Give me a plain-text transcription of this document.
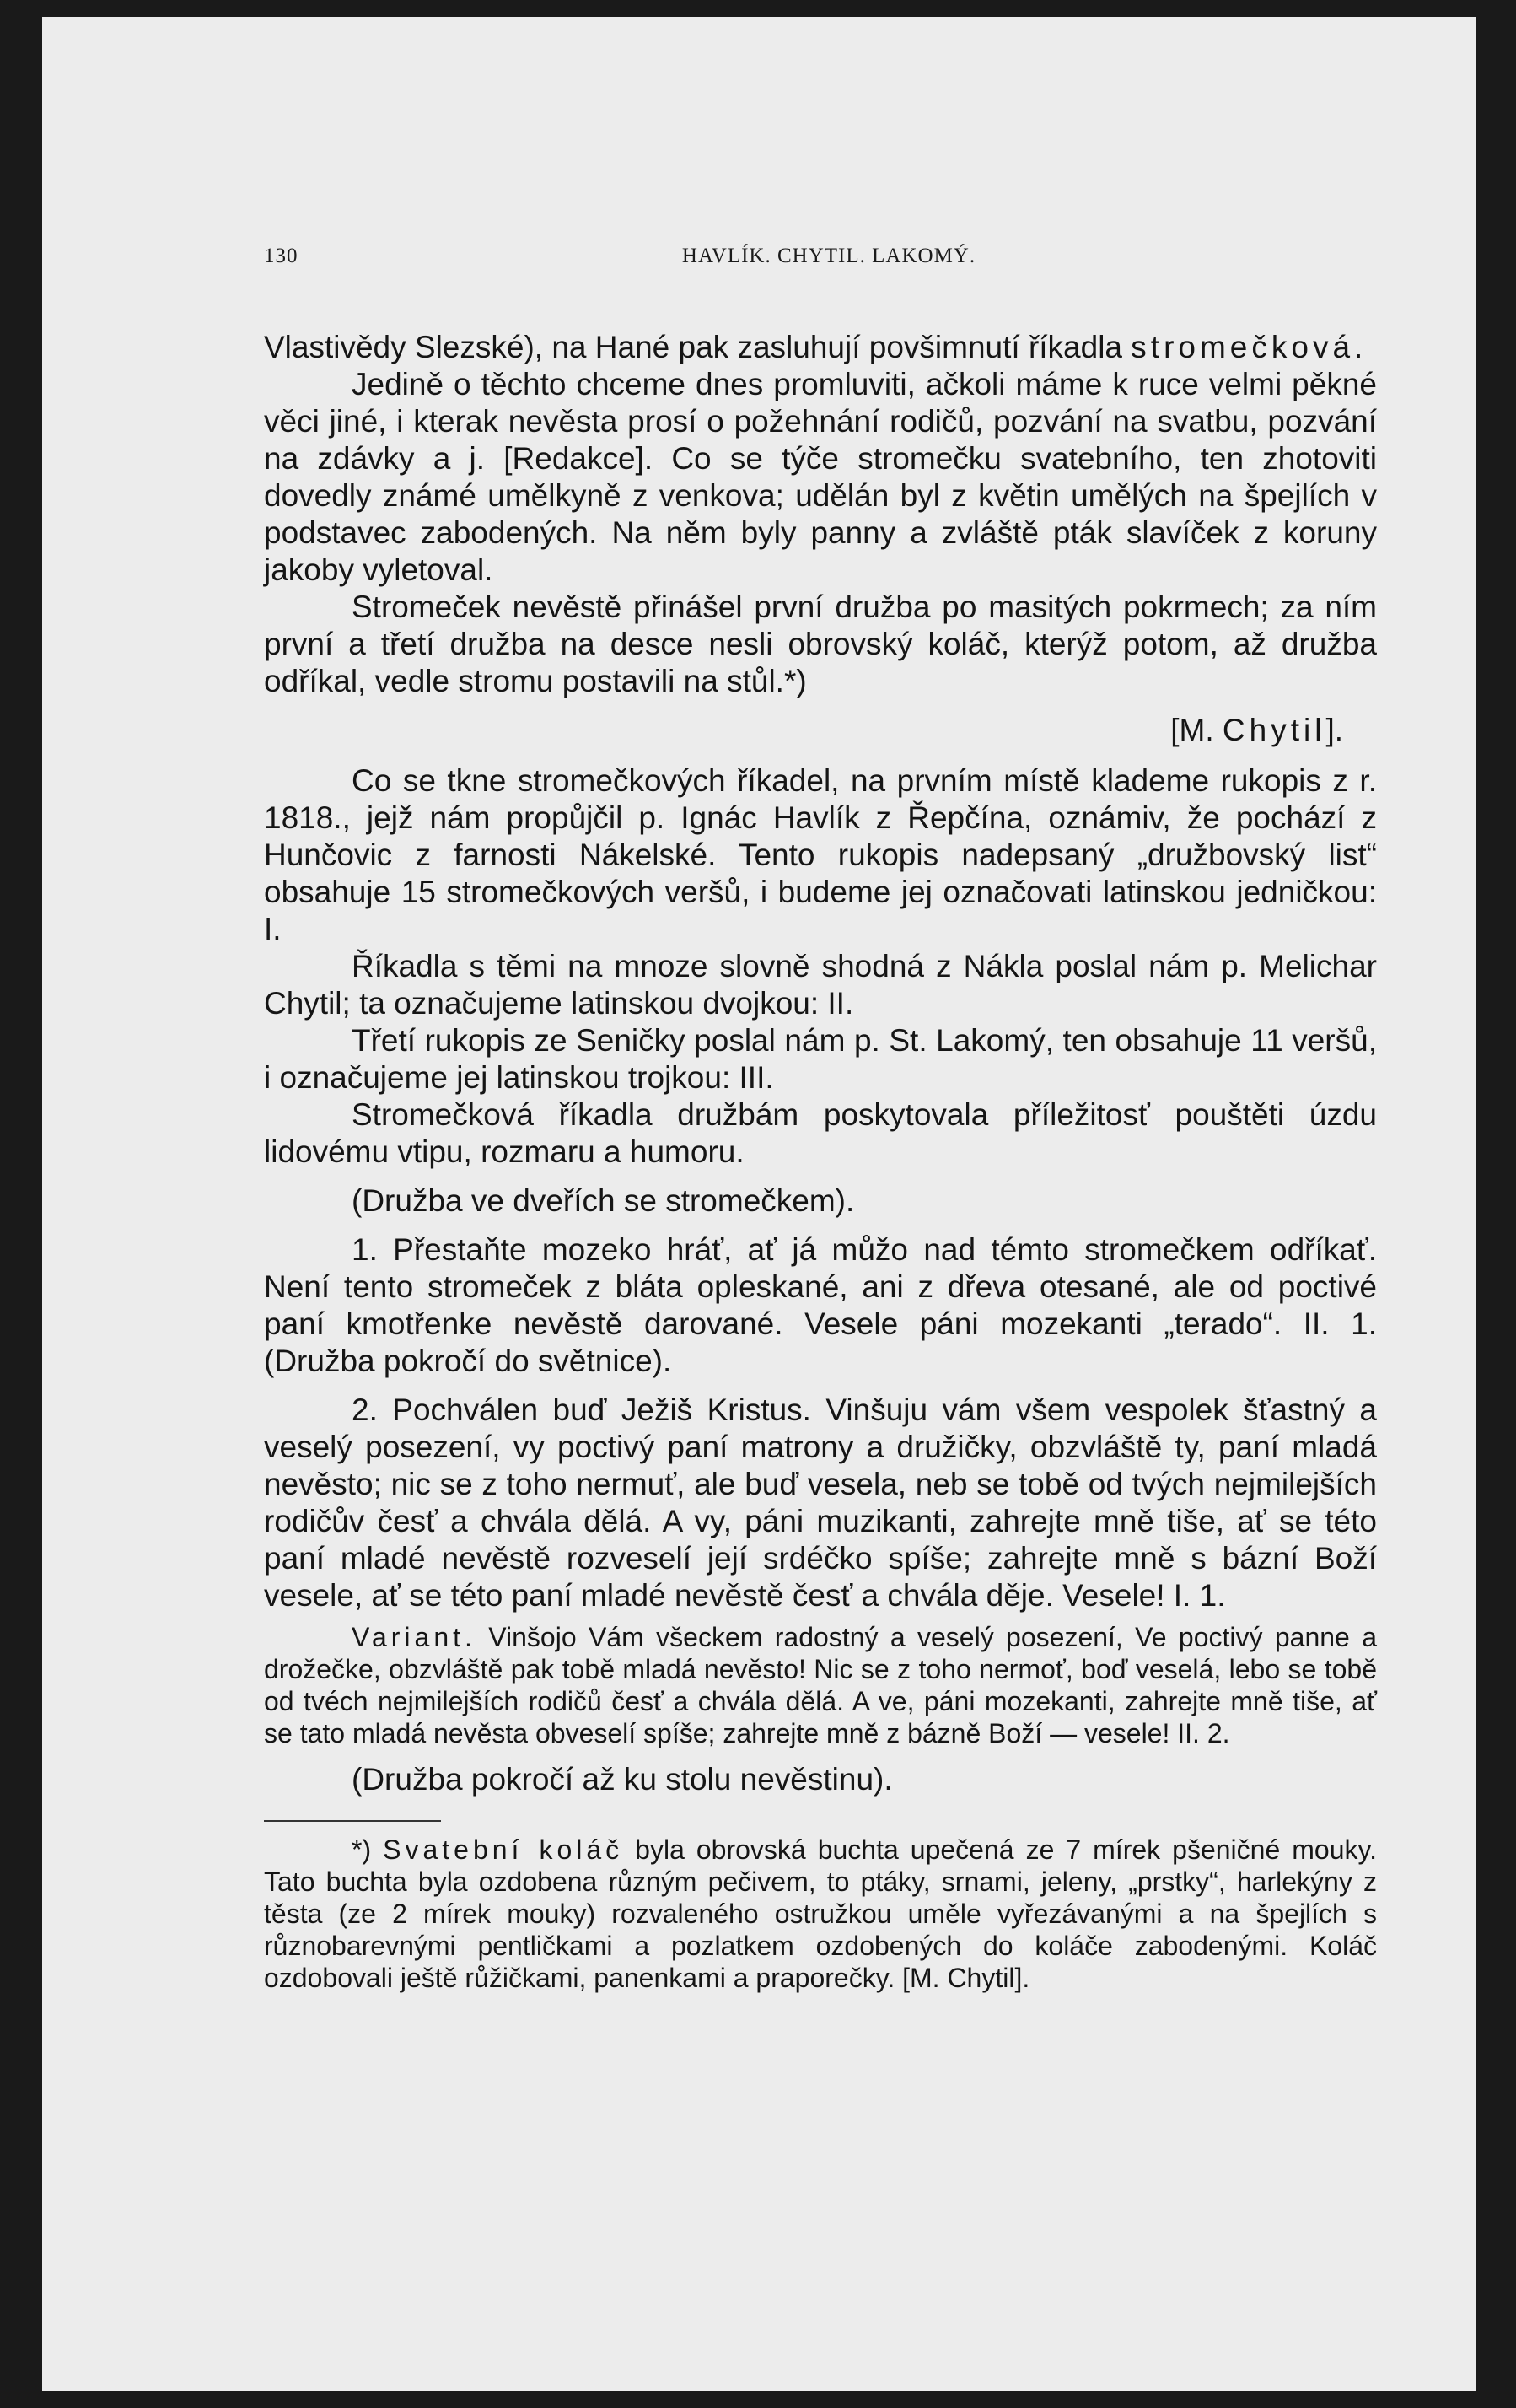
130	HAVLÍK. CHYTIL. LAKOMÝ.

Vlastivědy Slezské), na Hané pak zasluhují povšimnutí říkadla stromečková.

Jedině o těchto chceme dnes promluviti, ačkoli máme k ruce velmi pěkné věci jiné, i kterak nevěsta prosí o požehnání rodičů, pozvání na svatbu, pozvání na zdávky a j. [Redakce]. Co se týče stromečku svatebního, ten zhotoviti dovedly známé umělkyně z venkova; udělán byl z květin umělých na špejlích v podstavec zabodených. Na něm byly panny a zvláště pták slavíček z koruny jakoby vyletoval.

Stromeček nevěstě přinášel první družba po masitých pokrmech; za ním první a třetí družba na desce nesli obrovský koláč, kterýž potom, až družba odříkal, vedle stromu postavili na stůl.*)

[M. Chytil].

Co se tkne stromečkových říkadel, na prvním místě klademe rukopis z r. 1818., jejž nám propůjčil p. Ignác Havlík z Řepčína, oznámiv, že pochází z Hunčovic z farnosti Nákelské. Tento rukopis nadepsaný „družbovský list“ obsahuje 15 stromečkových veršů, i budeme jej označovati latinskou jedničkou: I.

Říkadla s těmi na mnoze slovně shodná z Nákla poslal nám p. Melichar Chytil; ta označujeme latinskou dvojkou: II.

Třetí rukopis ze Seničky poslal nám p. St. Lakomý, ten obsahuje 11 veršů, i označujeme jej latinskou trojkou: III.

Stromečková říkadla družbám poskytovala příležitosť pouštěti úzdu lidovému vtipu, rozmaru a humoru.

(Družba ve dveřích se stromečkem).

1. Přestaňte mozeko hráť, ať já můžo nad témto stromečkem odříkať. Není tento stromeček z bláta opleskané, ani z dřeva otesané, ale od poctivé paní kmotřenke nevěstě darované. Vesele páni mozekanti „terado“. II. 1. (Družba pokročí do světnice).

2. Pochválen buď Ježiš Kristus. Vinšuju vám všem vespolek šťastný a veselý posezení, vy poctivý paní matrony a družičky, obzvláště ty, paní mladá nevěsto; nic se z toho nermuť, ale buď vesela, neb se tobě od tvých nejmilejších rodičův česť a chvála dělá. A vy, páni muzikanti, zahrejte mně tiše, ať se této paní mladé nevěstě rozveselí její srdéčko spíše; zahrejte mně s bázní Boží vesele, ať se této paní mladé nevěstě česť a chvála děje. Vesele! I. 1.

Variant. Vinšojo Vám všeckem radostný a veselý posezení, Ve poctivý panne a drožečke, obzvláště pak tobě mladá nevěsto! Nic se z toho nermoť, boď veselá, lebo se tobě od tvéch nejmilejších rodičů česť a chvála dělá. A ve, páni mozekanti, zahrejte mně tiše, ať se tato mladá nevěsta obveselí spíše; zahrejte mně z bázně Boží — vesele! II. 2.

(Družba pokročí až ku stolu nevěstinu).

*) Svatební koláč byla obrovská buchta upečená ze 7 mírek pšeničné mouky. Tato buchta byla ozdobena různým pečivem, to ptáky, srnami, jeleny, „prstky“, harlekýny z těsta (ze 2 mírek mouky) rozvaleného ostružkou uměle vyřezávanými a na špejlích s různobarevnými pentličkami a pozlatkem ozdobených do koláče zabodenými. Koláč ozdobovali ještě růžičkami, panenkami a praporečky. [M. Chytil].
